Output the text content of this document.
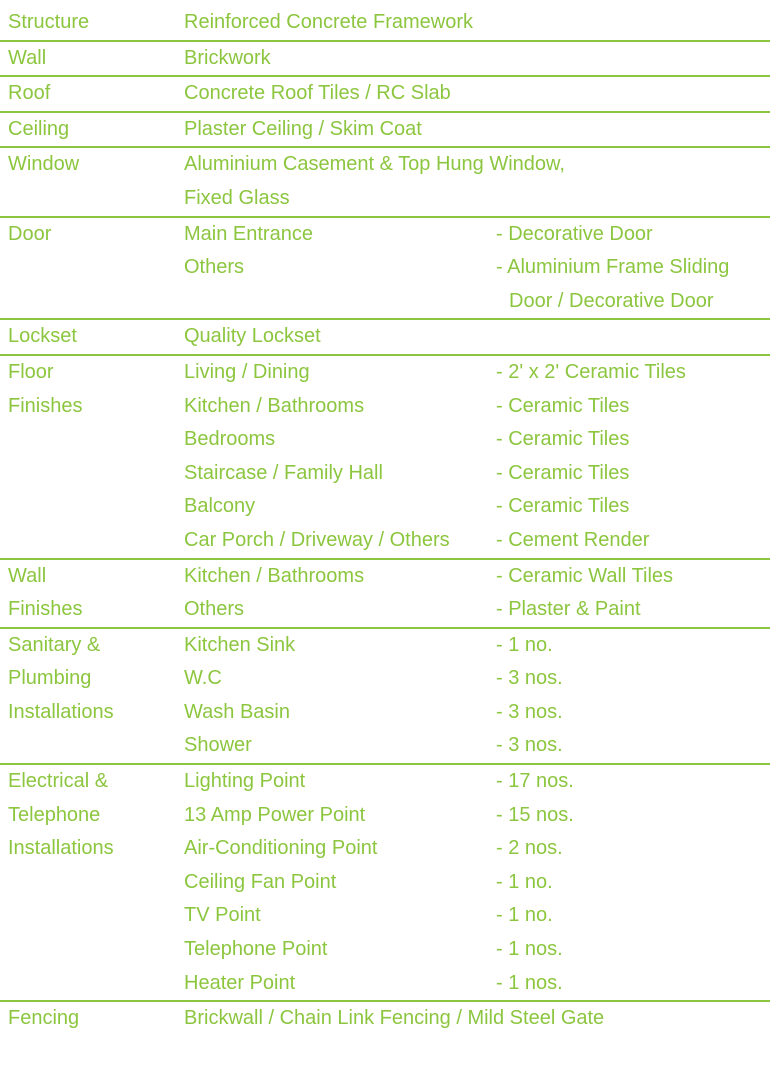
Structure	Reinforced Concrete Framework
Wall	Brickwork
Roof	Concrete Roof Tiles / RC Slab
Ceiling	Plaster Ceiling / Skim Coat
Window	Aluminium Casement & Top Hung Window,
Fixed Glass
Door	Main Entrance	- Decorative Door
Others	- Aluminium Frame Sliding
Door / Decorative Door
Lockset	Quality Lockset
Floor	Living / Dining	- 2' x 2' Ceramic Tiles
Finishes	Kitchen / Bathrooms	- Ceramic Tiles
Bedrooms	- Ceramic Tiles
Staircase / Family Hall	- Ceramic Tiles
Balcony	- Ceramic Tiles
Car Porch / Driveway / Others - Cement Render
Wall	Kitchen / Bathrooms	- Ceramic Wall Tiles
Finishes	Others	- Plaster & Paint
Sanitary &	Kitchen Sink	- 1 no.
Plumbing	W.C	- 3 nos.
Installations	Wash Basin	- 3 nos.
Shower	- 3 nos.
Electrical &	Lighting Point	- 17 nos.
Telephone	13 Amp Power Point	- 15 nos.
Installations	Air-Conditioning Point	- 2 nos.
Ceiling Fan Point	- 1 no.
TV Point	- 1 no.
Telephone Point	- 1 nos.
Heater Point	- 1 nos.
Fencing	Brickwall / Chain Link Fencing / Mild Steel Gate
